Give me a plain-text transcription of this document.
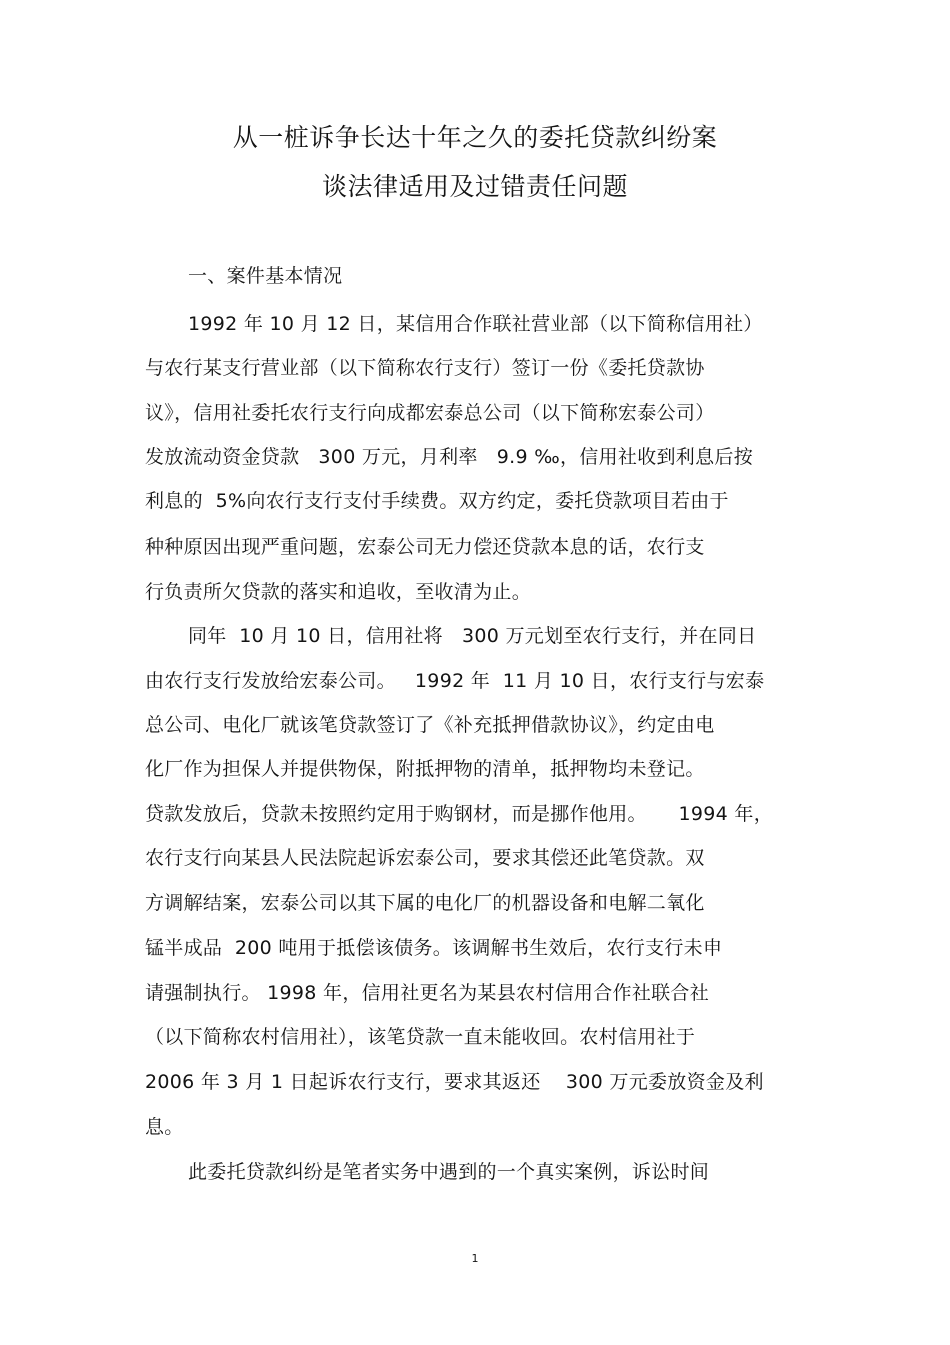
从一桩诉争长达十年之久的委托贷款纠纷案
谈法律适用及过错责任问题
一、案件基本情况
1992 年 10 月 12 日，某信用合作联社营业部（以下简称信用社）
与农行某支行营业部（以下简称农行支行）签订一份《委托贷款协
议》，信用社委托农行支行向成都宏泰总公司（以下简称宏泰公司）
发放流动资金贷款   300 万元，月利率   9.9 ‰，信用社收到利息后按
利息的  5%向农行支行支付手续费。双方约定，委托贷款项目若由于
种种原因出现严重问题，宏泰公司无力偿还贷款本息的话，农行支
行负责所欠贷款的落实和追收，至收清为止。
同年  10 月 10 日，信用社将   300 万元划至农行支行，并在同日
由农行支行发放给宏泰公司。   1992 年  11 月 10 日，农行支行与宏泰
总公司、电化厂就该笔贷款签订了《补充抵押借款协议》，约定由电
化厂作为担保人并提供物保，附抵押物的清单，抵押物均未登记。
贷款发放后，贷款未按照约定用于购钢材，而是挪作他用。     1994 年，
农行支行向某县人民法院起诉宏泰公司，要求其偿还此笔贷款。双
方调解结案，宏泰公司以其下属的电化厂的机器设备和电解二氧化
锰半成品  200 吨用于抵偿该债务。该调解书生效后，农行支行未申
请强制执行。 1998 年，信用社更名为某县农村信用合作社联合社
（以下简称农村信用社），该笔贷款一直未能收回。农村信用社于
2006 年 3 月 1 日起诉农行支行，要求其返还    300 万元委放资金及利
息。
此委托贷款纠纷是笔者实务中遇到的一个真实案例，诉讼时间
1
